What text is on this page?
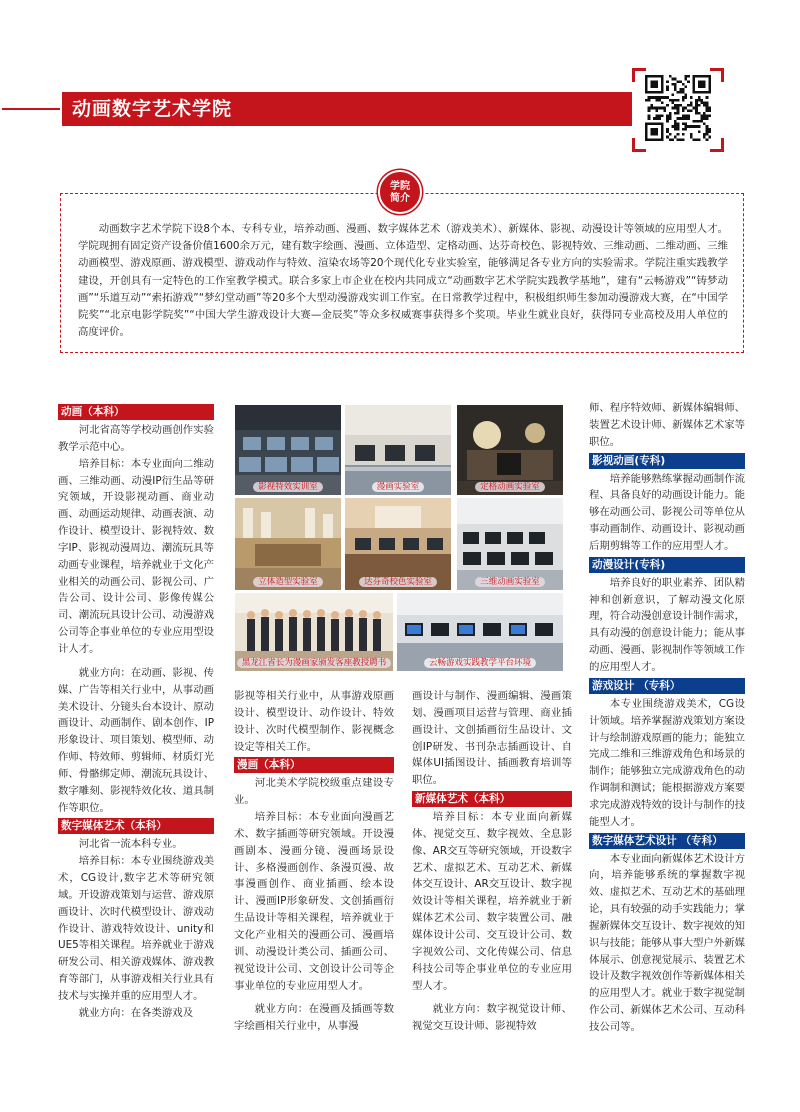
动画数字艺术学院
学院
简介

动画数字艺术学院下设8个本、专科专业，培养动画、漫画、数字媒体艺术（游戏美术）、新媒体、影视、动漫设计等领域的应用型人才。学院现拥有固定资产设备价值1600余万元，建有数字绘画、漫画、立体造型、定格动画、达芬奇校色、影视特效、三维动画、二维动画、三维动画模型、游戏原画、游戏模型、游戏动作与特效、渲染农场等20个现代化专业实验室，能够满足各专业方向的实验需求。学院注重实践教学建设，开创具有一定特色的工作室教学模式。联合多家上市企业在校内共同成立“动画数字艺术学院实践教学基地”，建有“云畅游戏”“铸梦动画”“乐道互动”“索拓游戏”“梦幻堂动画”等20多个大型动漫游戏实训工作室。在日常教学过程中，积极组织师生参加动漫游戏大赛，在“中国学院奖”“北京电影学院奖”“中国大学生游戏设计大赛—金辰奖”等众多权威赛事获得多个奖项。毕业生就业良好，获得同专业高校及用人单位的高度评价。

动画（本科）

河北省高等学校动画创作实验教学示范中心。

培养目标：本专业面向二维动画、三维动画、动漫IP衍生品等研究领域，开设影视动画、商业动画、动画运动规律、动画表演、动作设计、模型设计、影视特效、数字IP、影视动漫周边、潮流玩具等动画专业课程，培养就业于文化产业相关的动画公司、影视公司、广告公司、设计公司、影像传媒公司、潮流玩具设计公司、动漫游戏公司等企事业单位的专业应用型设计人才。

就业方向：在动画、影视、传媒、广告等相关行业中，从事动画美术设计、分镜头台本设计、原动画设计、动画制作、剧本创作、IP形象设计、项目策划、模型师、动作师、特效师、剪辑师、材质灯光师、骨骼绑定师、潮流玩具设计、数字雕刻、影视特效化妆、道具制作等职位。

数字媒体艺术（本科）

河北省一流本科专业。

培养目标：本专业围绕游戏美术，CG设计,数字艺术等研究领域。开设游戏策划与运营、游戏原画设计、次时代模型设计、游戏动作设计、游戏特效设计、unity和UE5等相关课程。培养就业于游戏研发公司、相关游戏媒体、游戏教育等部门，从事游戏相关行业具有技术与实操并重的应用型人才。

就业方向：在各类游戏及

影视特效实训室	漫画实验室	定格动画实验室
立体造型实验室	达芬奇校色实验室	三维动画实验室
黑龙江省长为漫画家颁发客座教授聘书	云畅游戏实践教学平台环境

影视等相关行业中，从事游戏原画设计、模型设计、动作设计、特效设计、次时代模型制作、影视概念设定等相关工作。

漫画（本科）

河北美术学院校级重点建设专业。

培养目标：本专业面向漫画艺术、数字插画等研究领域。开设漫画剧本、漫画分镜、漫画场景设计、多格漫画创作、条漫页漫、故事漫画创作、商业插画、绘本设计、漫画IP形象研发、文创插画衍生品设计等相关课程，培养就业于文化产业相关的漫画公司、漫画培训、动漫设计类公司、插画公司、视觉设计公司、文创设计公司等企事业单位的专业应用型人才。

就业方向：在漫画及插画等数字绘画相关行业中，从事漫

画设计与制作、漫画编辑、漫画策划、漫画项目运营与管理、商业插画设计、文创插画衍生品设计、文创IP研发、书刊杂志插画设计、自媒体UI插图设计、插画教育培训等职位。

新媒体艺术（本科）

培养目标：本专业面向新媒体、视觉交互、数字视效、全息影像、AR交互等研究领域，开设数字艺术、虚拟艺术、互动艺术、新媒体交互设计、AR交互设计、数字视效设计等相关课程，培养就业于新媒体艺术公司、数字装置公司、融媒体设计公司、交互设计公司、数字视效公司、文化传媒公司、信息科技公司等企事业单位的专业应用型人才。

就业方向：数字视觉设计师、视觉交互设计师、影视特效

师、程序特效师、新媒体编辑师、装置艺术设计师、新媒体艺术家等职位。

影视动画(专科)

培养能够熟练掌握动画制作流程、具备良好的动画设计能力。能够在动画公司、影视公司等单位从事动画制作、动画设计、影视动画后期剪辑等工作的应用型人才。

动漫设计(专科)

培养良好的职业素养、团队精神和创新意识，了解动漫文化原理，符合动漫创意设计制作需求，具有动漫的创意设计能力；能从事动画、漫画、影视制作等领域工作的应用型人才。

游戏设计 （专科）

本专业围绕游戏美术，CG设计领域。培养掌握游戏策划方案设计与绘制游戏原画的能力；能独立完成二维和三维游戏角色和场景的制作；能够独立完成游戏角色的动作调制和测试；能根据游戏方案要求完成游戏特效的设计与制作的技能型人才。

数字媒体艺术设计 （专科）

本专业面向新媒体艺术设计方向，培养能够系统的掌握数字视效、虚拟艺术、互动艺术的基础理论，具有较强的动手实践能力；掌握新媒体交互设计、数字视效的知识与技能；能够从事大型户外新媒体展示、创意视觉展示、装置艺术设计及数字视效创作等新媒体相关的应用型人才。就业于数字视觉制作公司、新媒体艺术公司、互动科技公司等。
